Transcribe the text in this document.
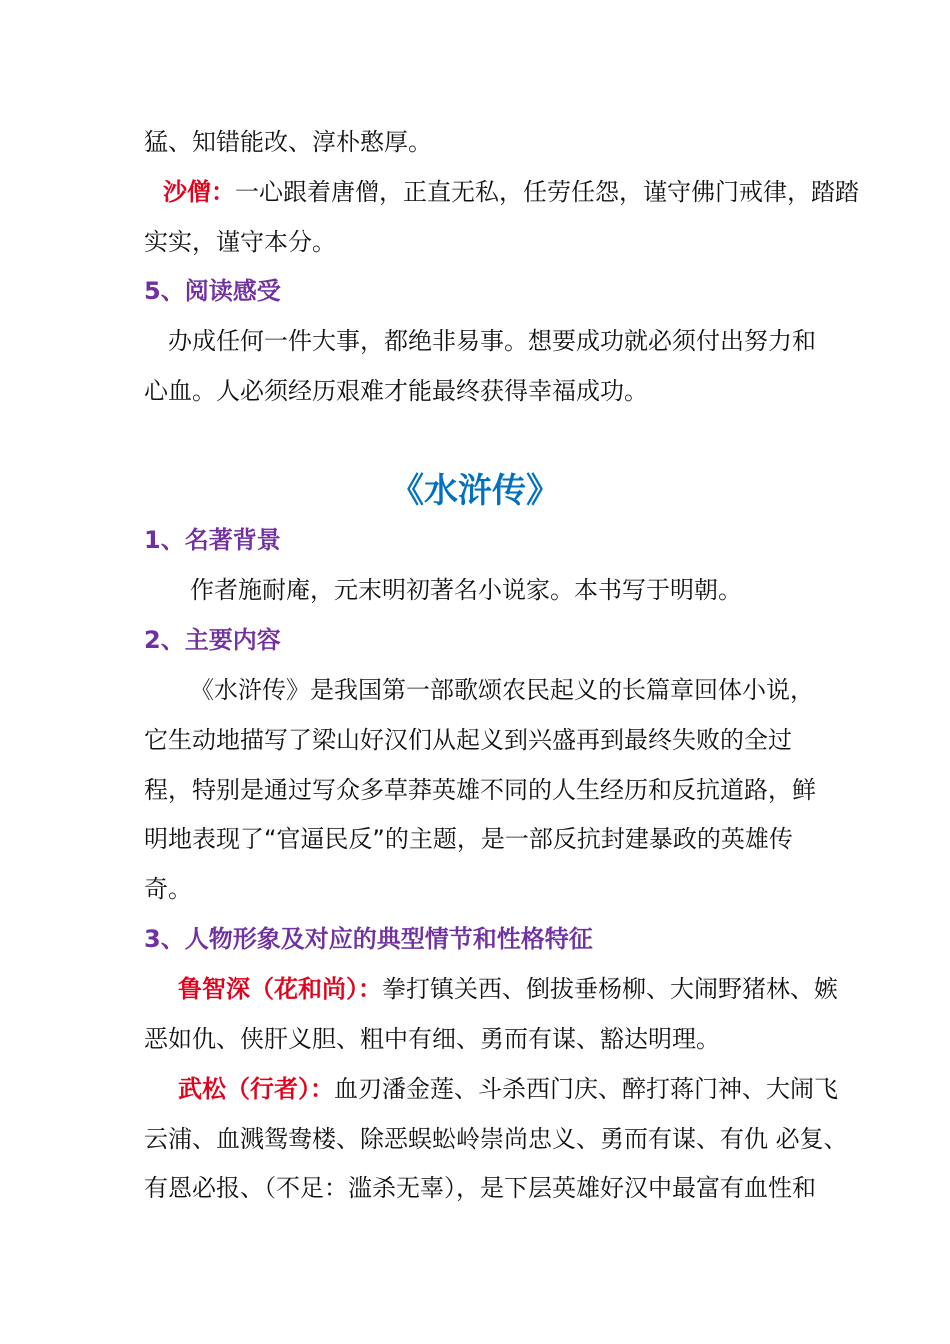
猛、知错能改、淳朴憨厚。
沙僧：一心跟着唐僧，正直无私，任劳任怨，谨守佛门戒律，踏踏
实实，谨守本分。
5、阅读感受
办成任何一件大事，都绝非易事。想要成功就必须付出努力和
心血。人必须经历艰难才能最终获得幸福成功。
《水浒传》
1、名著背景
作者施耐庵，元末明初著名小说家。本书写于明朝。
2、主要内容
《水浒传》是我国第一部歌颂农民起义的长篇章回体小说，
它生动地描写了梁山好汉们从起义到兴盛再到最终失败的全过
程，特别是通过写众多草莽英雄不同的人生经历和反抗道路，鲜
明地表现了“官逼民反”的主题，是一部反抗封建暴政的英雄传
奇。
3、人物形象及对应的典型情节和性格特征
鲁智深（花和尚）：拳打镇关西、倒拔垂杨柳、大闹野猪林、嫉
恶如仇、侠肝义胆、粗中有细、勇而有谋、豁达明理。
武松（行者）：血刃潘金莲、斗杀西门庆、醉打蒋门神、大闹飞
云浦、血溅鸳鸯楼、除恶蜈蚣岭崇尚忠义、勇而有谋、有仇 必复、
有恩必报、（不足：滥杀无辜），是下层英雄好汉中最富有血性和
